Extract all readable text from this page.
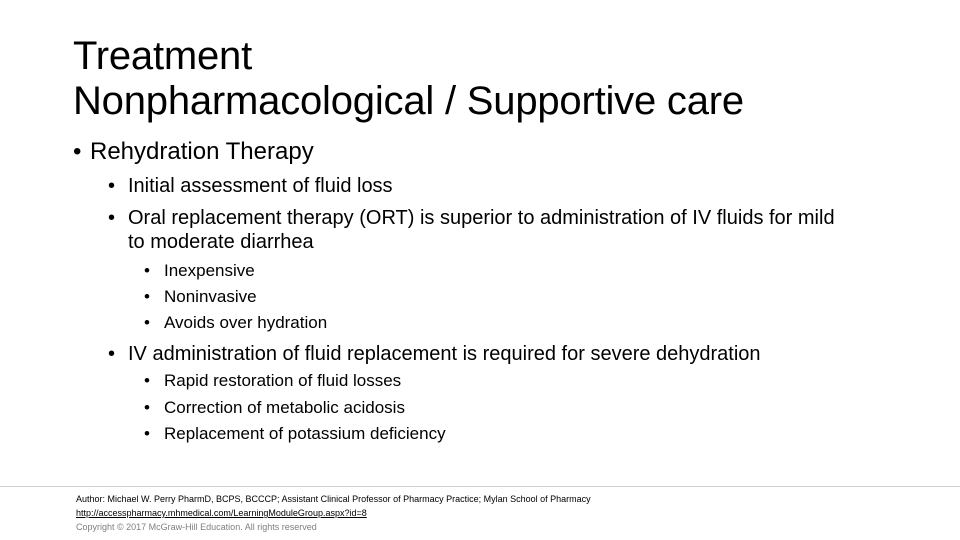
Treatment
Nonpharmacological / Supportive care
• Rehydration Therapy
• Initial assessment of fluid loss
• Oral replacement therapy (ORT) is superior to administration of IV fluids for mild to moderate diarrhea
• Inexpensive
• Noninvasive
• Avoids over hydration
• IV administration of fluid replacement is required for severe dehydration
• Rapid restoration of fluid losses
• Correction of metabolic acidosis
• Replacement of potassium deficiency
Author: Michael W. Perry PharmD, BCPS, BCCCP; Assistant Clinical Professor of Pharmacy Practice; Mylan School of Pharmacy
http://accesspharmacy.mhmedical.com/LearningModuleGroup.aspx?id=8
Copyright © 2017 McGraw-Hill Education. All rights reserved
